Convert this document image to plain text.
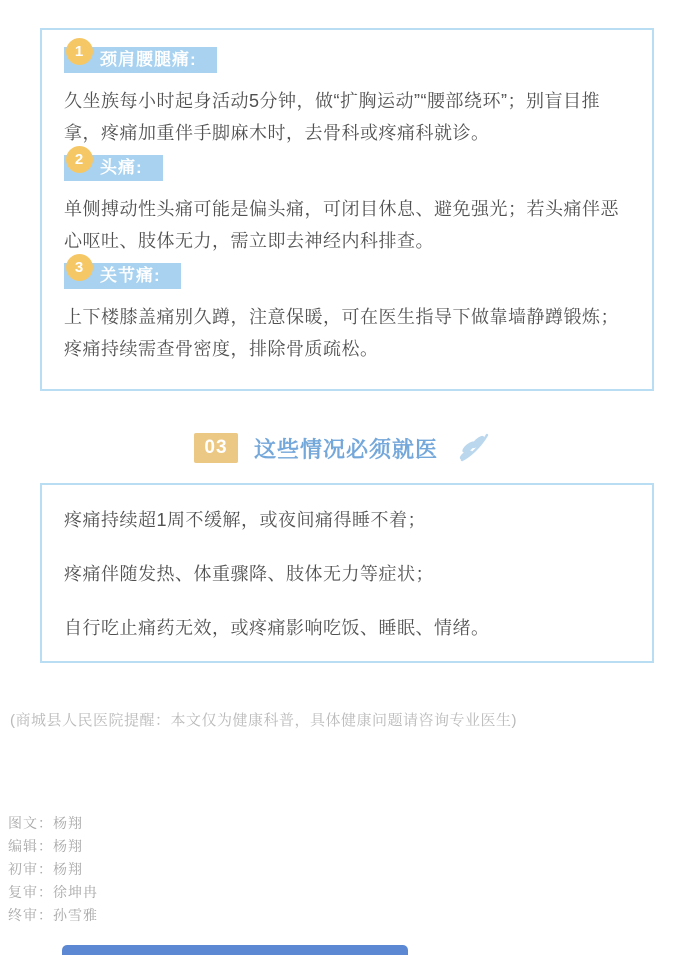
1 颈肩腰腿痛:

久坐族每小时起身活动5分钟，做“扩胸运动”“腰部绕环”；别盲目推拿，疼痛加重伴手脚麻木时，去骨科或疼痛科就诊。

2 头痛:

单侧搏动性头痛可能是偏头痛，可闭目休息、避免强光；若头痛伴恶心呕吐、肢体无力，需立即去神经内科排查。

3 关节痛:

上下楼膝盖痛别久蹲，注意保暖，可在医生指导下做靠墙静蹲锻炼；疼痛持续需查骨密度，排除骨质疏松。

03	这些情况必须就医

疼痛持续超1周不缓解，或夜间痛得睡不着；

疼痛伴随发热、体重骤降、肢体无力等症状；

自行吃止痛药无效，或疼痛影响吃饭、睡眠、情绪。

(商城县人民医院提醒：本文仅为健康科普，具体健康问题请咨询专业医生)

图文：杨翔

编辑：杨翔

初审：杨翔

复审：徐坤冉

终审：孙雪雅
